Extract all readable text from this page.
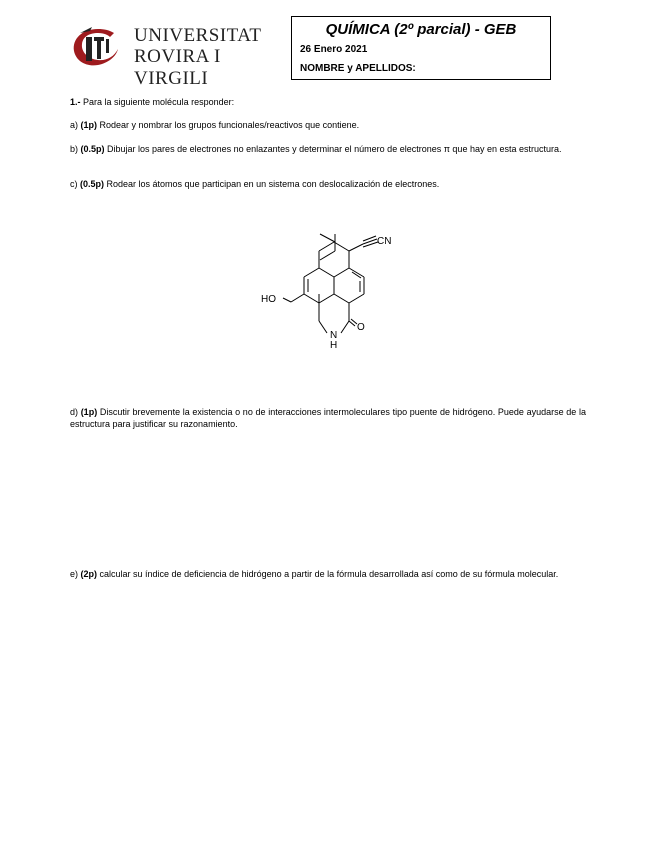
UNIVERSITAT
ROVIRA I VIRGILI
QUÍMICA (2º parcial) - GEB
26 Enero 2021
NOMBRE y APELLIDOS:
1.- Para la siguiente molécula responder:
a) (1p) Rodear y nombrar los grupos funcionales/reactivos que contiene.
b) (0.5p) Dibujar los pares de electrones no enlazantes y determinar el número de electrones π que hay en esta estructura.
c) (0.5p) Rodear los átomos que participan en un sistema con deslocalización de electrones.
HO
CN
N
H
O
d) (1p) Discutir brevemente la existencia o no de interacciones intermoleculares tipo puente de hidrógeno. Puede ayudarse de la estructura para justificar su razonamiento.
e) (2p) calcular su índice de deficiencia de hidrógeno a partir de la fórmula desarrollada así como de su fórmula molecular.
